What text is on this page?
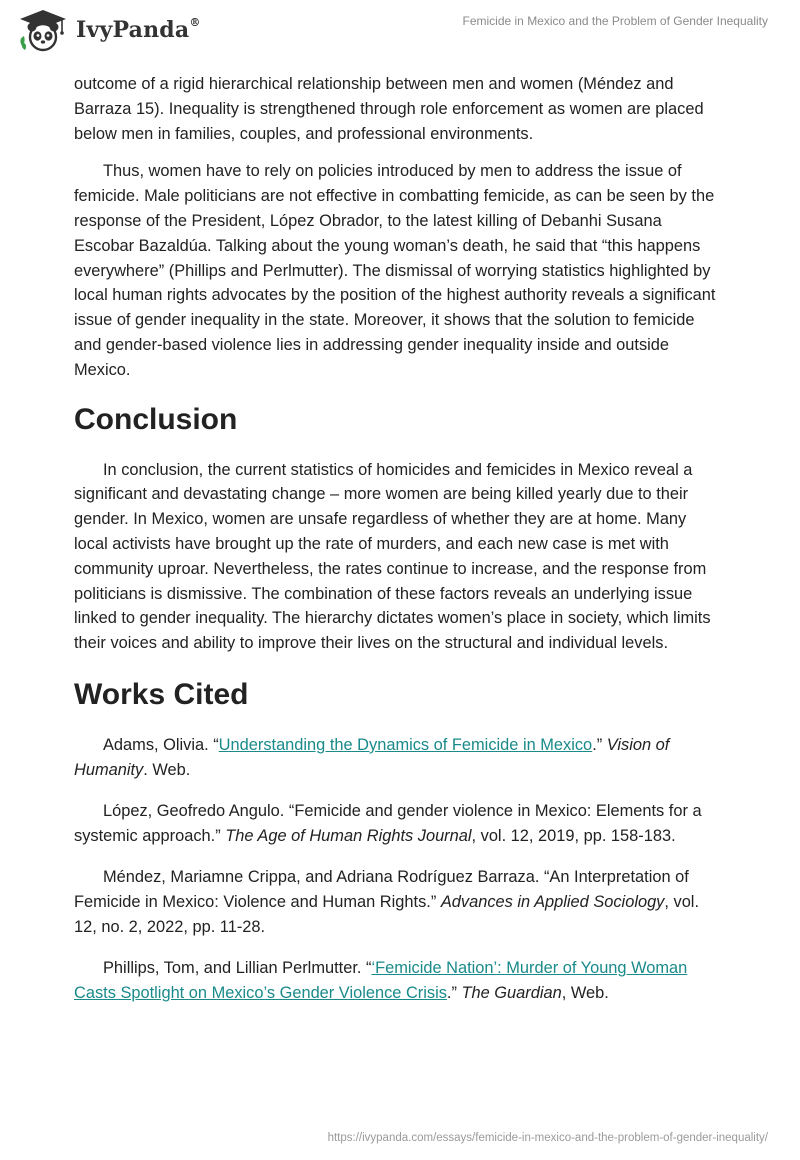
IvyPanda®	Femicide in Mexico and the Problem of Gender Inequality

outcome of a rigid hierarchical relationship between men and women (Méndez and Barraza 15). Inequality is strengthened through role enforcement as women are placed below men in families, couples, and professional environments.

Thus, women have to rely on policies introduced by men to address the issue of femicide. Male politicians are not effective in combatting femicide, as can be seen by the response of the President, López Obrador, to the latest killing of Debanhi Susana Escobar Bazaldúa. Talking about the young woman’s death, he said that “this happens everywhere” (Phillips and Perlmutter). The dismissal of worrying statistics highlighted by local human rights advocates by the position of the highest authority reveals a significant issue of gender inequality in the state. Moreover, it shows that the solution to femicide and gender-based violence lies in addressing gender inequality inside and outside Mexico.

Conclusion

In conclusion, the current statistics of homicides and femicides in Mexico reveal a significant and devastating change – more women are being killed yearly due to their gender. In Mexico, women are unsafe regardless of whether they are at home. Many local activists have brought up the rate of murders, and each new case is met with community uproar. Nevertheless, the rates continue to increase, and the response from politicians is dismissive. The combination of these factors reveals an underlying issue linked to gender inequality. The hierarchy dictates women’s place in society, which limits their voices and ability to improve their lives on the structural and individual levels.

Works Cited

Adams, Olivia. “Understanding the Dynamics of Femicide in Mexico.” Vision of Humanity. Web.

López, Geofredo Angulo. “Femicide and gender violence in Mexico: Elements for a systemic approach.” The Age of Human Rights Journal, vol. 12, 2019, pp. 158-183.

Méndez, Mariamne Crippa, and Adriana Rodríguez Barraza. “An Interpretation of Femicide in Mexico: Violence and Human Rights.” Advances in Applied Sociology, vol. 12, no. 2, 2022, pp. 11-28.

Phillips, Tom, and Lillian Perlmutter. “‘Femicide Nation’: Murder of Young Woman Casts Spotlight on Mexico’s Gender Violence Crisis.” The Guardian, Web.

https://ivypanda.com/essays/femicide-in-mexico-and-the-problem-of-gender-inequality/
